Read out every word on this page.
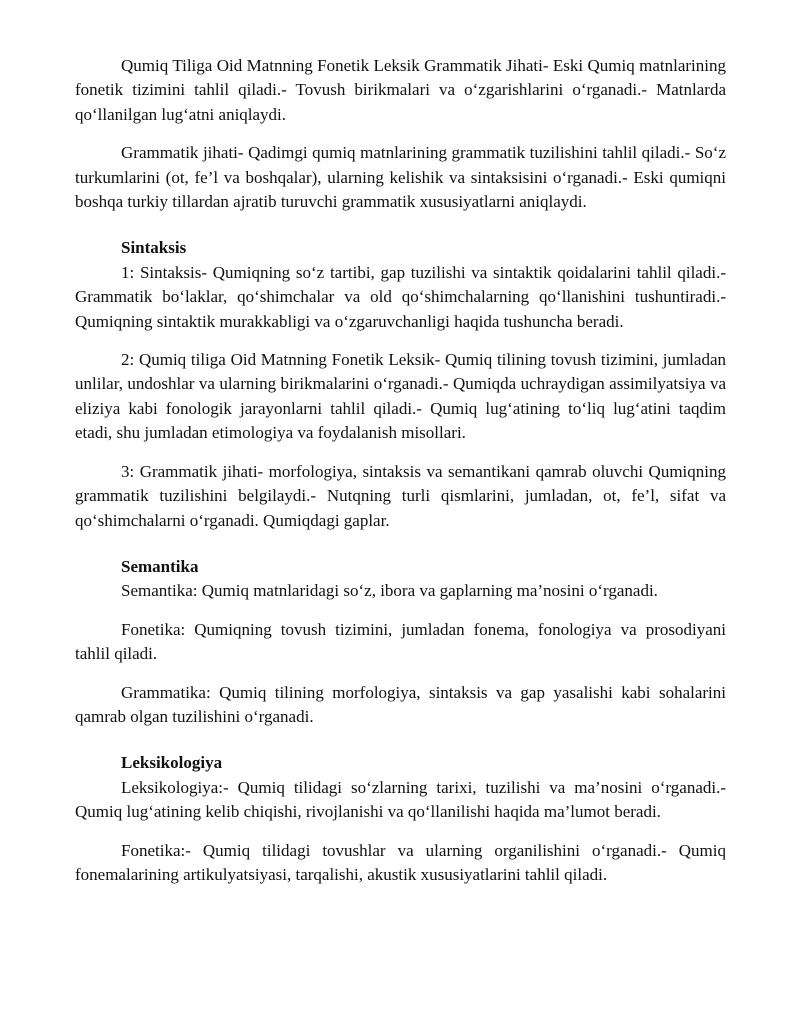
Qumiq Tiliga Oid Matnning Fonetik Leksik Grammatik Jihati- Eski Qumiq matnlarining fonetik tizimini tahlil qiladi.- Tovush birikmalari va o‘zgarishlarini o‘rganadi.- Matnlarda qo‘llanilgan lug‘atni aniqlaydi.

Grammatik jihati- Qadimgi qumiq matnlarining grammatik tuzilishini tahlil qiladi.- So‘z turkumlarini (ot, fe’l va boshqalar), ularning kelishik va sintaksisini o‘rganadi.- Eski qumiqni boshqa turkiy tillardan ajratib turuvchi grammatik xususiyatlarni aniqlaydi.

Sintaksis

1: Sintaksis- Qumiqning so‘z tartibi, gap tuzilishi va sintaktik qoidalarini tahlil qiladi.- Grammatik bo‘laklar, qo‘shimchalar va old qo‘shimchalarning qo‘llanishini tushuntiradi.- Qumiqning sintaktik murakkabligi va o‘zgaruvchanligi haqida tushuncha beradi.

2: Qumiq tiliga Oid Matnning Fonetik Leksik- Qumiq tilining tovush tizimini, jumladan unlilar, undoshlar va ularning birikmalarini o‘rganadi.- Qumiqda uchraydigan assimilyatsiya va eliziya kabi fonologik jarayonlarni tahlil qiladi.- Qumiq lug‘atining to‘liq lug‘atini taqdim etadi, shu jumladan etimologiya va foydalanish misollari.

3: Grammatik jihati- morfologiya, sintaksis va semantikani qamrab oluvchi Qumiqning grammatik tuzilishini belgilaydi.- Nutqning turli qismlarini, jumladan, ot, fe’l, sifat va qo‘shimchalarni o‘rganadi. Qumiqdagi gaplar.

Semantika

Semantika: Qumiq matnlaridagi so‘z, ibora va gaplarning ma’nosini o‘rganadi.

Fonetika: Qumiqning tovush tizimini, jumladan fonema, fonologiya va prosodiyani tahlil qiladi.

Grammatika: Qumiq tilining morfologiya, sintaksis va gap yasalishi kabi sohalarini qamrab olgan tuzilishini o‘rganadi.

Leksikologiya

Leksikologiya:- Qumiq tilidagi so‘zlarning tarixi, tuzilishi va ma’nosini o‘rganadi.- Qumiq lug‘atining kelib chiqishi, rivojlanishi va qo‘llanilishi haqida ma’lumot beradi.

Fonetika:- Qumiq tilidagi tovushlar va ularning organilishini o‘rganadi.- Qumiq fonemalarining artikulyatsiyasi, tarqalishi, akustik xususiyatlarini tahlil qiladi.
